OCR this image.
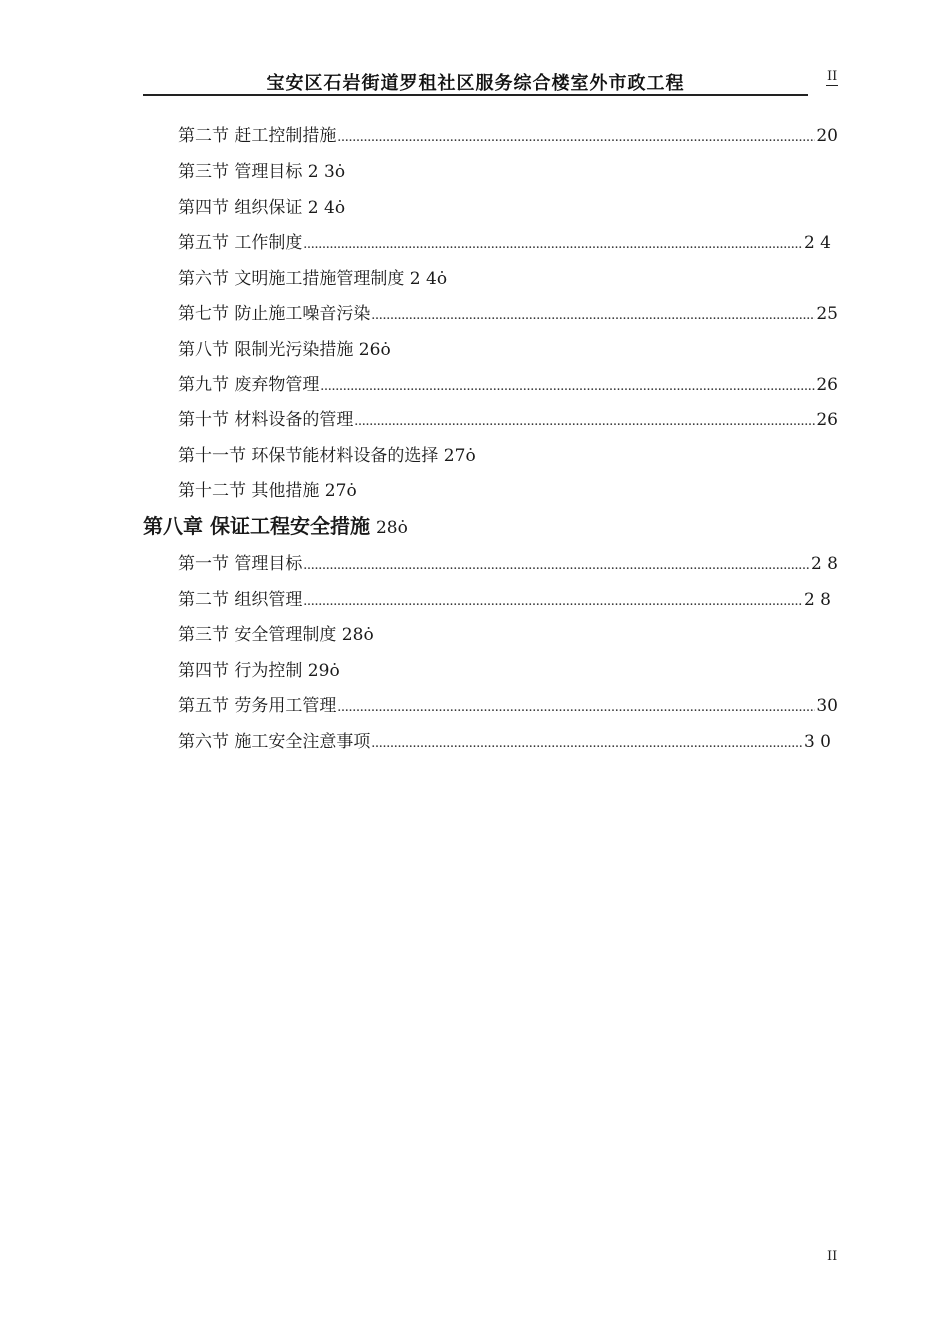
宝安区石岩街道罗租社区服务综合楼室外市政工程	II
第二节 赶工控制措施 .....	20
第三节 管理目标 2 3 ȯ
第四节 组织保证 2 4 ȯ
第五节 工作制度 .....	2 4
第六节 文明施工措施管理制度 2 4 ȯ
第七节 防止施工噪音污染 .....	25
第八节 限制光污染措施 26 ȯ
第九节 废弃物管理 .....	26
第十节 材料设备的管理 .....	26
第十一节 环保节能材料设备的选择 27 ȯ
第十二节 其他措施 27 ȯ
第八章 保证工程安全措施 28 ȯ
第一节 管理目标 .....	2 8
第二节 组织管理 .....	2 8
第三节 安全管理制度 28 ȯ
第四节 行为控制 29 ȯ
第五节 劳务用工管理 .....	30
第六节 施工安全注意事项 .....	3 0
II
